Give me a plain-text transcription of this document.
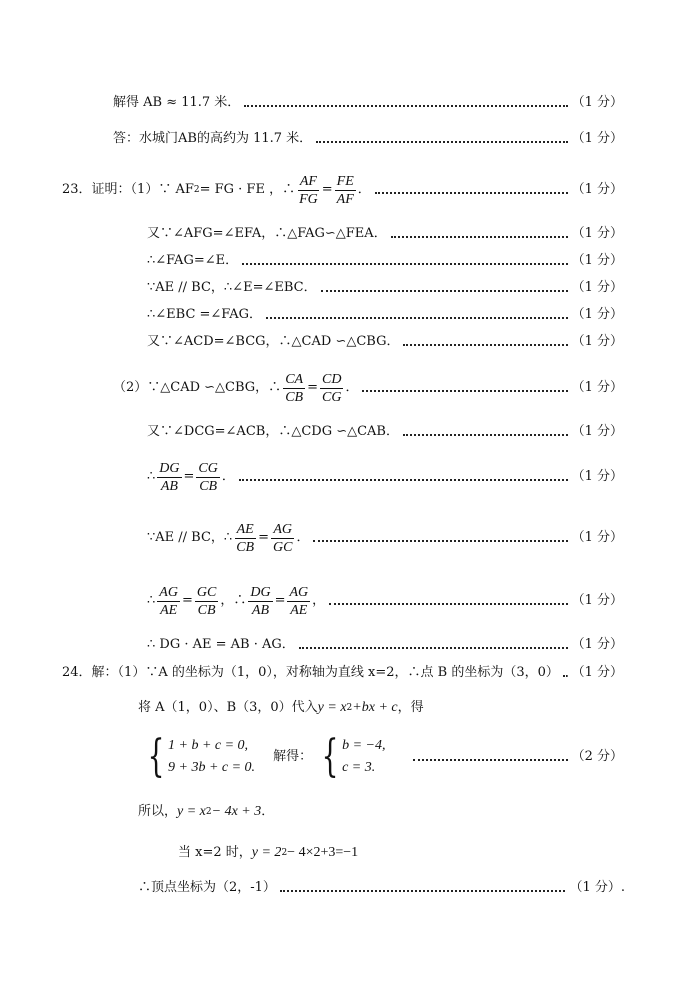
解得 AB ≈ 11.7 米．	（1 分）
答：水城门AB的高约为 11.7 米．	（1 分）
23．证明：（1）∵ AF 2 = FG · FE ，∴ $\frac{AF}{FG} = \frac{FE}{AF}$ ．	（1 分）
又∵∠AFG=∠EFA，∴△FAG∽△FEA．	（1 分）
∴∠FAG=∠E．	（1 分）
∵AE // BC，∴∠E=∠EBC．	（1 分）
∴∠EBC =∠FAG．	（1 分）
又∵∠ACD=∠BCG，∴△CAD ∽△CBG．	（1 分）
（2）∵△CAD ∽△CBG，∴ $\frac{CA}{CB} = \frac{CD}{CG}$ ．	（1 分）
又∵∠DCG=∠ACB，∴△CDG ∽△CAB．	（1 分）
∴ $\frac{DG}{AB} = \frac{CG}{CB}$ ．	（1 分）
∵AE // BC，∴ $\frac{AE}{CB} = \frac{AG}{GC}$ ．	（1 分）
∴ $\frac{AG}{AE} = \frac{GC}{CB}$ ，∴ $\frac{DG}{AB} = \frac{AG}{AE}$ ，	（1 分）
∴ DG · AE = AB · AG．	（1 分）
24．解：（1）∵A 的坐标为（1，0），对称轴为直线 x=2，∴点 B 的坐标为（3，0） （1 分）
将 A（1，0）、B（3，0）代入 y = x 2 +bx + c ，得
{ 1 + b + c = 0,
9 + 3b + c = 0.
解得： { b = −4,
c = 3.
（2 分）
所以， y = x 2 − 4x + 3 ．
当 x=2 时， y = 2 2 − 4×2+3=−1
∴顶点坐标为（2，-1）	（1 分） .
